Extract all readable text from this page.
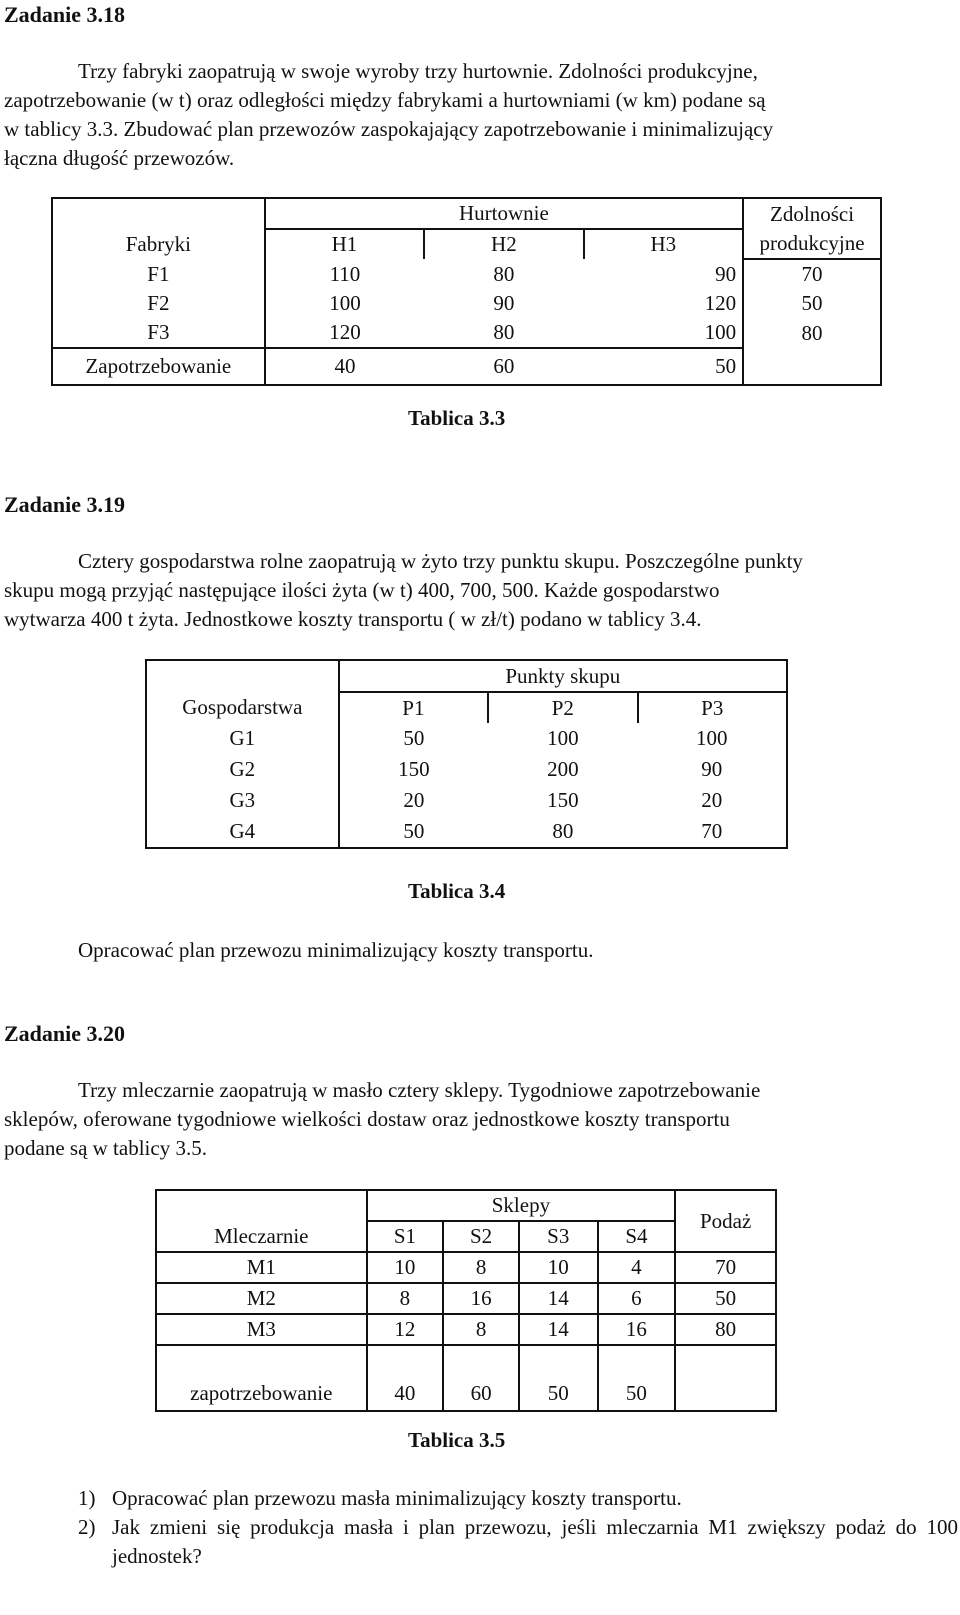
Zadanie 3.18
Trzy fabryki zaopatrują w swoje wyroby trzy hurtownie. Zdolności produkcyjne,
zapotrzebowanie (w t) oraz odległości między fabrykami a hurtowniami (w km) podane są
w tablicy 3.3. Zbudować plan przewozów zaspokajający zapotrzebowanie i minimalizujący
łączna długość przewozów.
	Hurtownie			Zdolności
Fabryki	H1	H2	H3	produkcyjne
F1	110	80	90	70
F2	100	90	120	50
F3	120	80	100	80
Zapotrzebowanie	40	60	50	
Tablica 3.3
Zadanie 3.19
Cztery gospodarstwa rolne zaopatrują w żyto trzy punktu skupu. Poszczególne punkty
skupu mogą przyjąć następujące ilości żyta (w t) 400, 700, 500. Każde gospodarstwo
wytwarza 400 t żyta. Jednostkowe koszty transportu ( w zł/t) podano w tablicy 3.4.
	Punkty skupu		
Gospodarstwa	P1	P2	P3
G1	50	100	100
G2	150	200	90
G3	20	150	20
G4	50	80	70
Tablica 3.4
Opracować plan przewozu minimalizujący koszty transportu.
Zadanie 3.20
Trzy mleczarnie zaopatrują w masło cztery sklepy. Tygodniowe zapotrzebowanie
sklepów, oferowane tygodniowe wielkości dostaw oraz jednostkowe koszty transportu
podane są w tablicy 3.5.
	Sklepy				Podaż
Mleczarnie	S1	S2	S3	S4	
M1	10	8	10	4	70
M2	8	16	14	6	50
M3	12	8	14	16	80
zapotrzebowanie	40	60	50	50	
Tablica 3.5
1) Opracować plan przewozu masła minimalizujący koszty transportu.
2) Jak zmieni się produkcja masła i plan przewozu, jeśli mleczarnia M1 zwiększy podaż do 100 jednostek?
